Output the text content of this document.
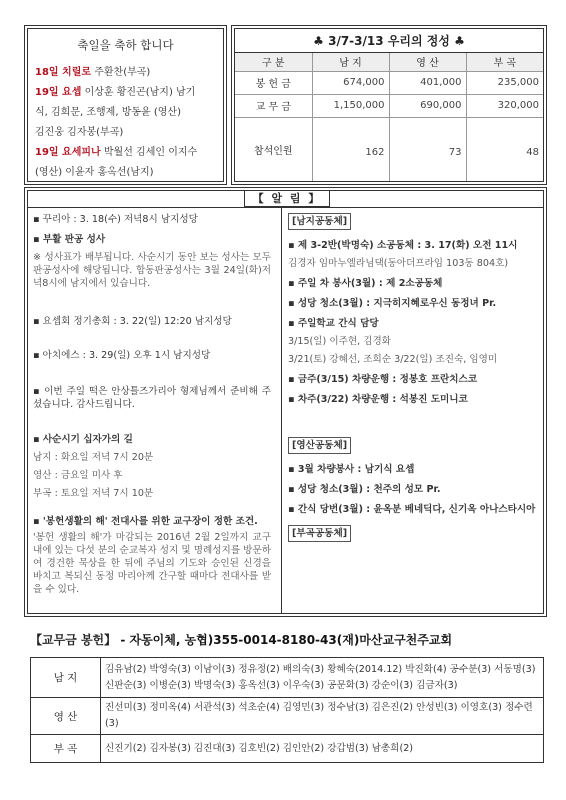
축일을 축하 합니다
18일 치릴로 주환찬(부곡)
19일 요셉 이상훈 황진곤(남지) 남기
식, 김희문, 조행제, 방동윤 (영산)
김진웅 김자봉(부곡)
19일 요세피나 박월선 김세인 이지수
(영산) 이윤자 홍옥선(남지)
♣ 3/7-3/13 우리의 정성 ♣
구 분	남 지	영 산	부 곡
봉 헌 금	674,000	401,000	235,000
교 무 금	1,150,000	690,000	320,000
참석인원	162	73	48
【 알 림 】
▪ 꾸리아 : 3. 18(수) 저녁8시 남지성당
▪ 부활 판공 성사
※ 성사표가 배부됩니다. 사순시기 동안 보는 성사는 모두 판공성사에 해당됩니다. 합동판공성사는 3월 24일(화)저녁8시에 남지에서 있습니다.
▪ 요셉회 정기총회 : 3. 22(일) 12:20 남지성당
▪ 아치에스 : 3. 29(일) 오후 1시 남지성당
▪ 이번 주일 떡은 안상틀즈가리아 형제님께서 준비해 주셨습니다. 감사드립니다.
▪ 사순시기 십자가의 길
남지 : 화요일 저녁 7시 20분
영산 : 금요일 미사 후
부곡 : 토요일 저녁 7시 10분
▪ '봉헌생활의 해' 전대사를 위한 교구장이 정한 조건.
'봉헌 생활의 해'가 마감되는 2016년 2월 2일까지 교구 내에 있는 다섯 분의 순교복자 성지 및 명례성지를 방문하여 경건한 묵상을 한 뒤에 주님의 기도와 승인된 신경을 바치고 복되신 동정 마리아께 간구할 때마다 전대사를 받을 수 있다.
[남지공동체]
▪ 제 3-2반(박명숙) 소공동체 : 3. 17(화) 오전 11시
김경자 임마누엘라님댁(동아더프라임 103동 804호)
▪ 주일 차 봉사(3월) : 제 2소공동체
▪ 성당 청소(3월) : 지극히지혜로우신 동정녀 Pr.
▪ 주일학교 간식 담당
3/15(일) 이주현, 김경화
3/21(토) 강혜선, 조희순 3/22(일) 조진숙, 임영미
▪ 금주(3/15) 차량운행 : 정봉호 프란치스코
▪ 차주(3/22) 차량운행 : 석봉진 도미니코
[영산공동체]
▪ 3월 차량봉사 : 남기식 요셉
▪ 성당 청소(3월) : 천주의 성모 Pr.
▪ 간식 당번(3월) : 윤옥분 베네딕다, 신기옥 아나스타시아
[부곡공동체]
【교무금 봉헌】 - 자동이체, 농협)355-0014-8180-43(재)마산교구천주교회
남 지	김유남(2) 박영숙(3) 이남이(3) 정유정(2) 배의숙(3) 황혜숙(2014.12) 박진화(4) 공수분(3) 서동명(3) 신판순(3) 이병순(3) 박명숙(3) 홍옥선(3) 이우숙(3) 공문화(3) 강순이(3) 김금자(3)
영 산	진선미(3) 정미옥(4) 서관석(3) 석초순(4) 김영민(3) 정수남(3) 김은진(2) 안성빈(3) 이영호(3) 정수련(3)
부 곡	신진기(2) 김자봉(3) 김진대(3) 김호빈(2) 김인안(2) 강갑범(3) 남총희(2)
